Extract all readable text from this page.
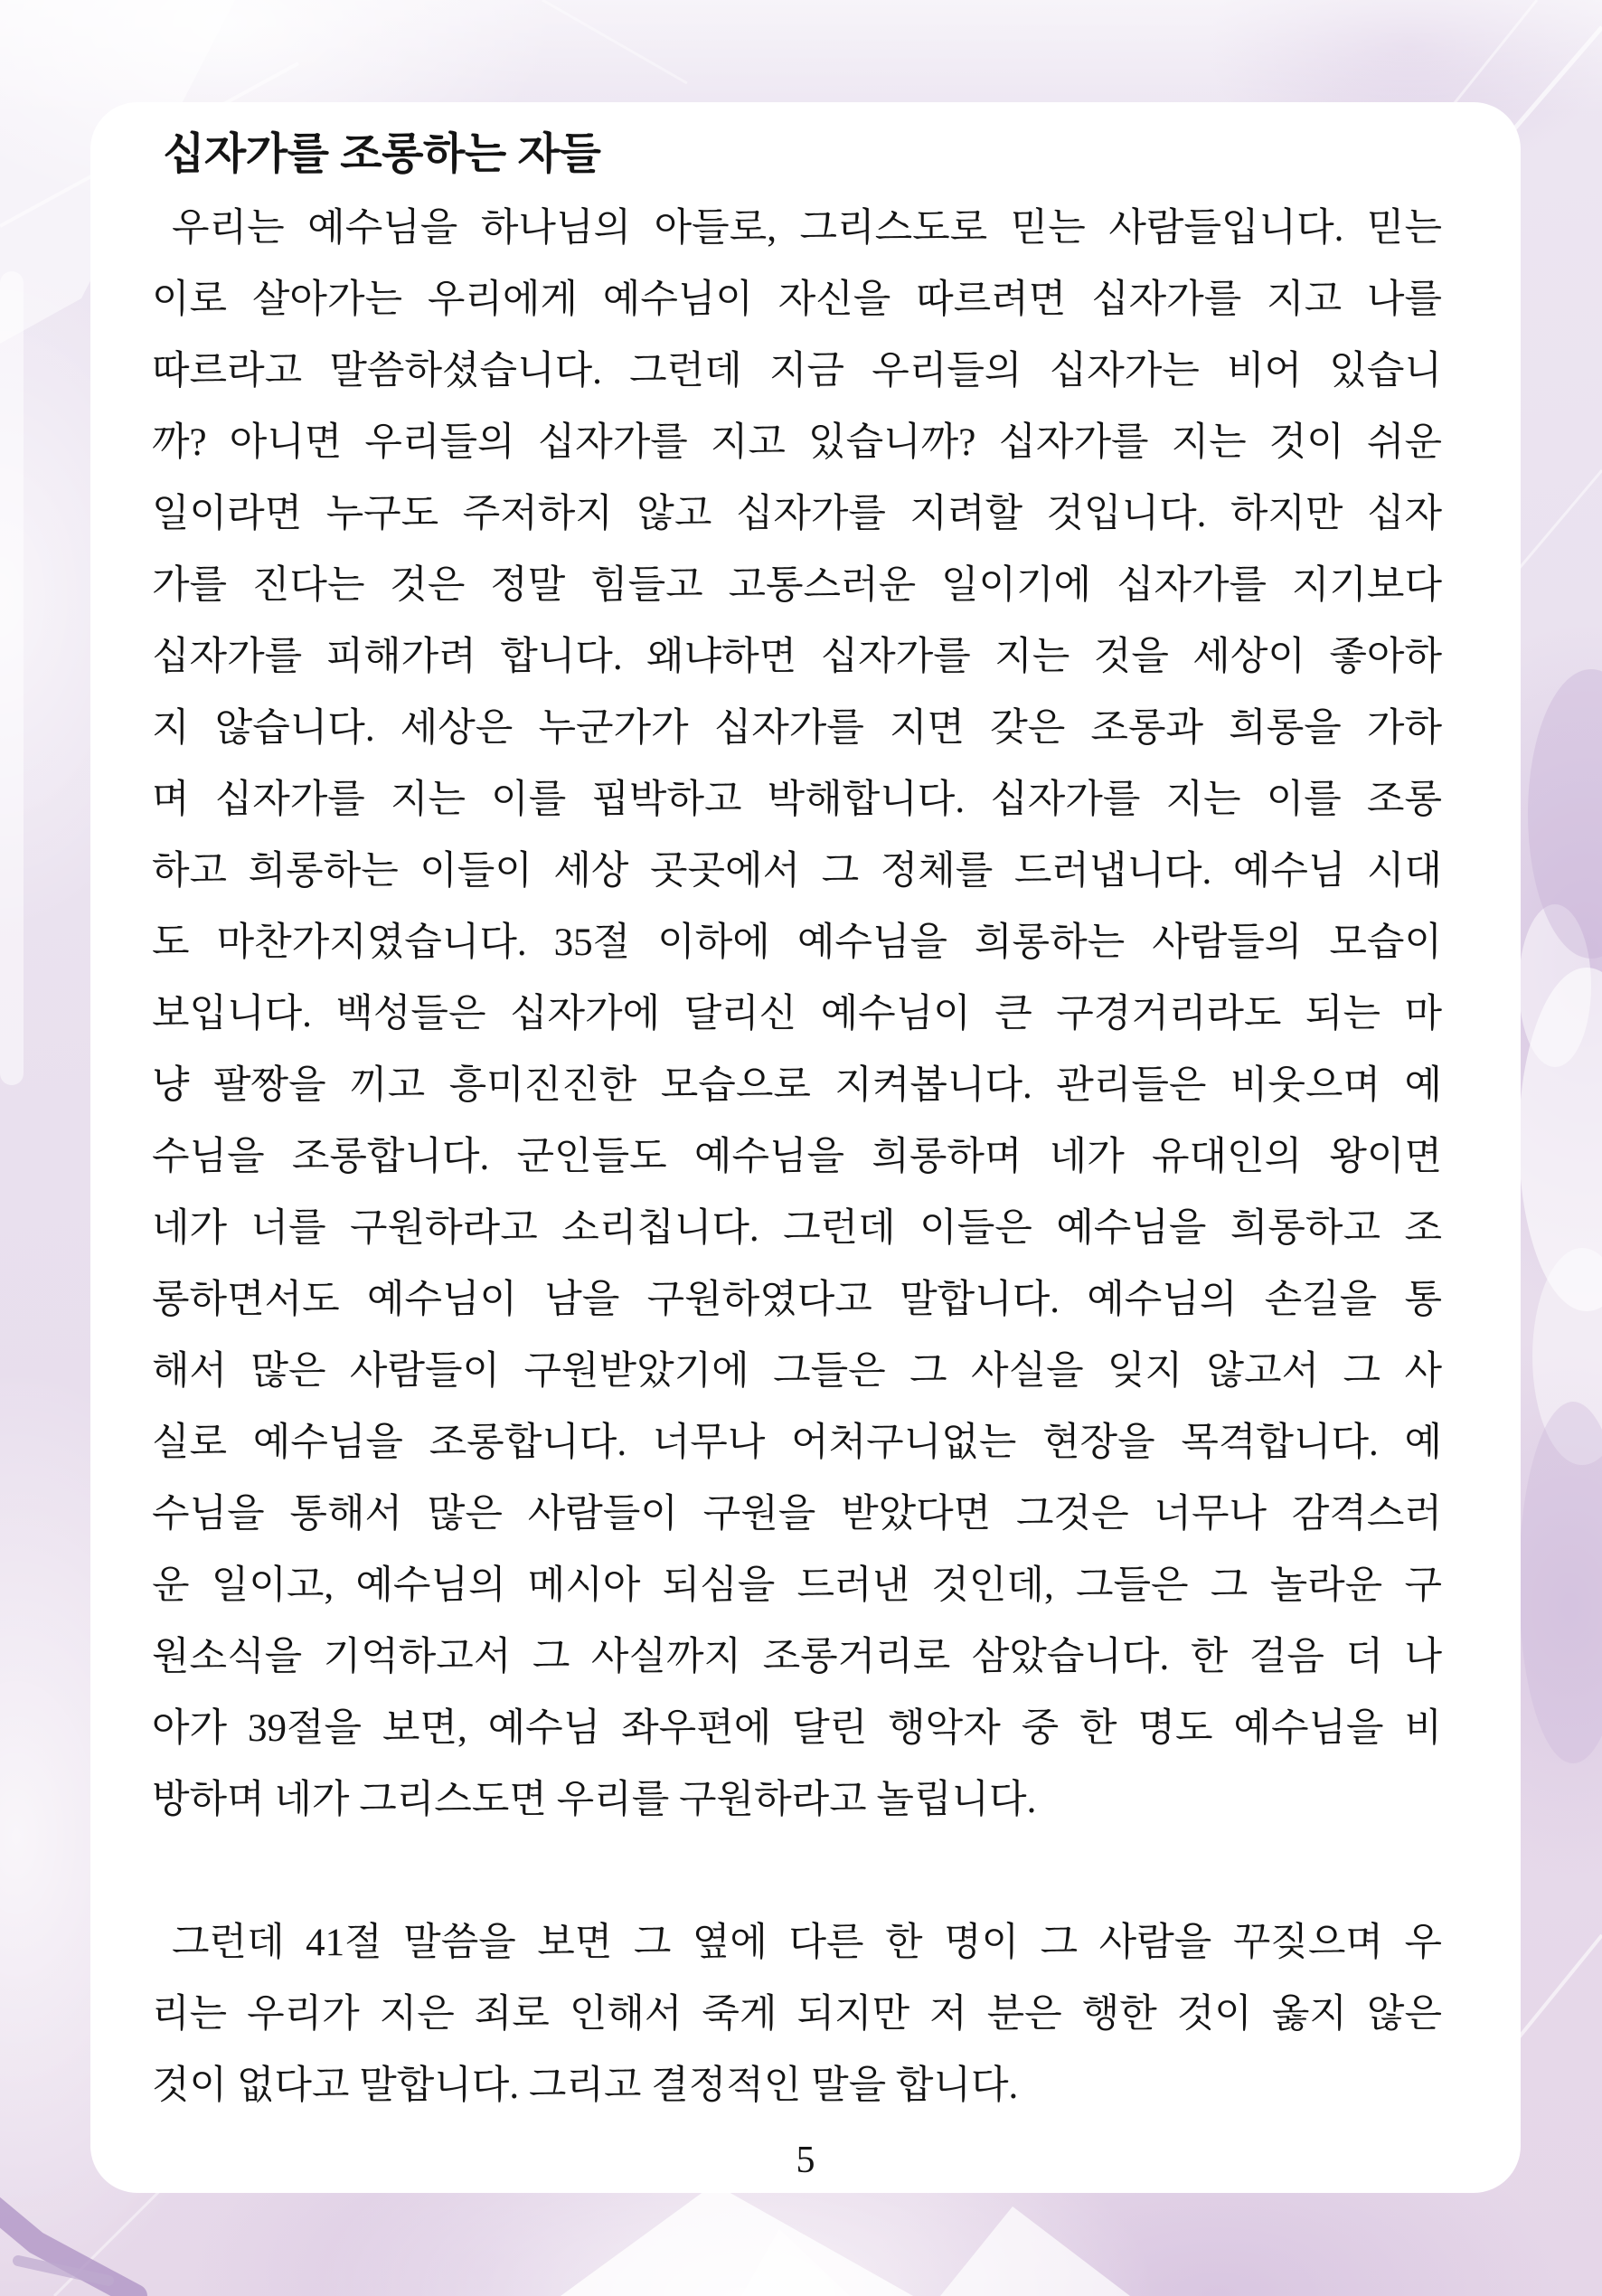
십자가를 조롱하는 자들
우리는 예수님을 하나님의 아들로, 그리스도로 믿는 사람들입니다. 믿는
이로 살아가는 우리에게 예수님이 자신을 따르려면 십자가를 지고 나를
따르라고 말씀하셨습니다. 그런데 지금 우리들의 십자가는 비어 있습니
까? 아니면 우리들의 십자가를 지고 있습니까? 십자가를 지는 것이 쉬운
일이라면 누구도 주저하지 않고 십자가를 지려할 것입니다. 하지만 십자
가를 진다는 것은 정말 힘들고 고통스러운 일이기에 십자가를 지기보다
십자가를 피해가려 합니다. 왜냐하면 십자가를 지는 것을 세상이 좋아하
지 않습니다. 세상은 누군가가 십자가를 지면 갖은 조롱과 희롱을 가하
며 십자가를 지는 이를 핍박하고 박해합니다. 십자가를 지는 이를 조롱
하고 희롱하는 이들이 세상 곳곳에서 그 정체를 드러냅니다. 예수님 시대
도 마찬가지였습니다. 35절 이하에 예수님을 희롱하는 사람들의 모습이
보입니다. 백성들은 십자가에 달리신 예수님이 큰 구경거리라도 되는 마
냥 팔짱을 끼고 흥미진진한 모습으로 지켜봅니다. 관리들은 비웃으며 예
수님을 조롱합니다. 군인들도 예수님을 희롱하며 네가 유대인의 왕이면
네가 너를 구원하라고 소리칩니다. 그런데 이들은 예수님을 희롱하고 조
롱하면서도 예수님이 남을 구원하였다고 말합니다. 예수님의 손길을 통
해서 많은 사람들이 구원받았기에 그들은 그 사실을 잊지 않고서 그 사
실로 예수님을 조롱합니다. 너무나 어처구니없는 현장을 목격합니다. 예
수님을 통해서 많은 사람들이 구원을 받았다면 그것은 너무나 감격스러
운 일이고, 예수님의 메시아 되심을 드러낸 것인데, 그들은 그 놀라운 구
원소식을 기억하고서 그 사실까지 조롱거리로 삼았습니다. 한 걸음 더 나
아가 39절을 보면, 예수님 좌우편에 달린 행악자 중 한 명도 예수님을 비
방하며 네가 그리스도면 우리를 구원하라고 놀립니다.
그런데 41절 말씀을 보면 그 옆에 다른 한 명이 그 사람을 꾸짖으며 우
리는 우리가 지은 죄로 인해서 죽게 되지만 저 분은 행한 것이 옳지 않은
것이 없다고 말합니다. 그리고 결정적인 말을 합니다.
5
